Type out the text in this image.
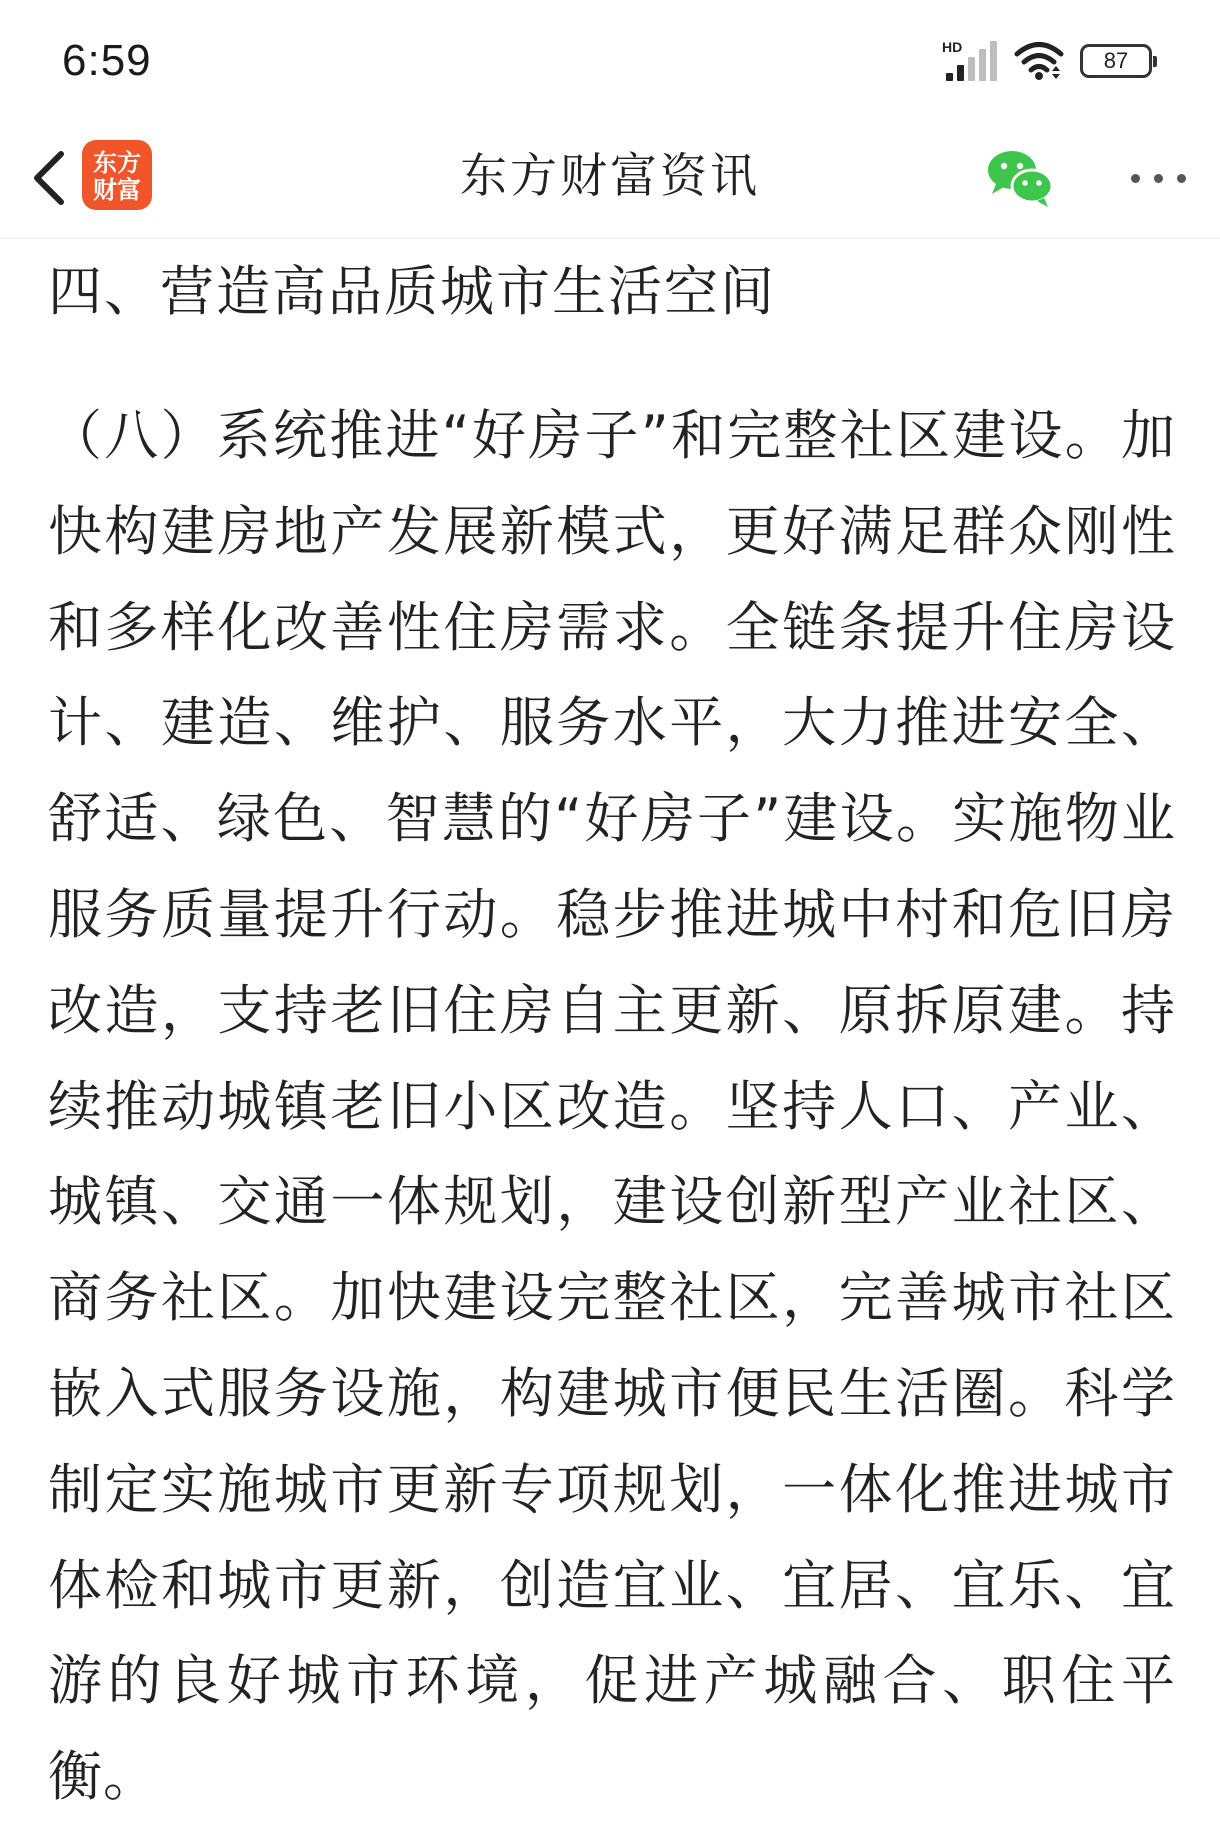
6:59	HD
87
东方
财富	东方财富资讯
四、营造高品质城市生活空间

（八）系统推进“好房子”和完整社区建设。加快构建房地产发展新模式，更好满足群众刚性和多样化改善性住房需求。全链条提升住房设计、建造、维护、服务水平，大力推进安全、舒适、绿色、智慧的“好房子”建设。实施物业服务质量提升行动。稳步推进城中村和危旧房改造，支持老旧住房自主更新、原拆原建。持续推动城镇老旧小区改造。坚持人口、产业、城镇、交通一体规划，建设创新型产业社区、商务社区。加快建设完整社区，完善城市社区嵌入式服务设施，构建城市便民生活圈。科学制定实施城市更新专项规划，一体化推进城市体检和城市更新，创造宜业、宜居、宜乐、宜游的良好城市环境，促进产城融合、职住平衡。
